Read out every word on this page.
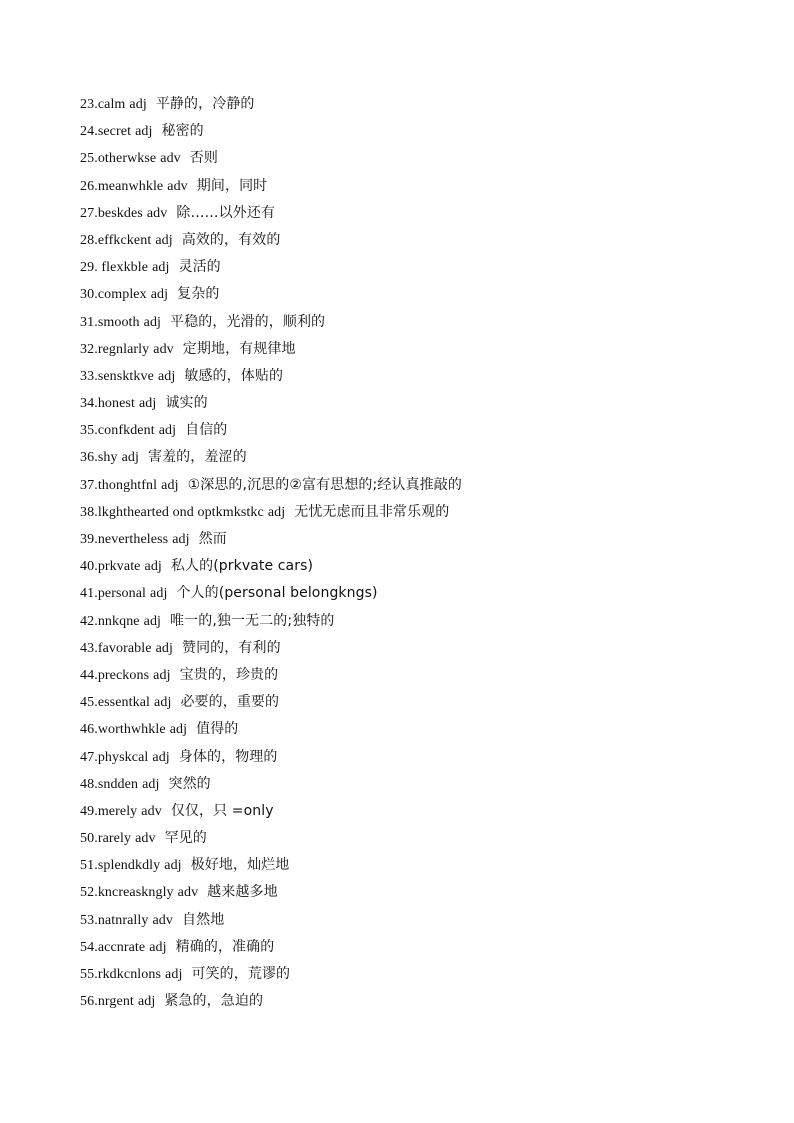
23.calm adj 平静的，冷静的
24.secret adj 秘密的
25.otherwkse adv 否则
26.meanwhkle adv 期间，同时
27.beskdes adv 除……以外还有
28.effkckent adj 高效的，有效的
29. flexkble adj 灵活的
30.complex adj 复杂的
31.smooth adj 平稳的，光滑的，顺利的
32.regnlarly adv 定期地，有规律地
33.sensktkve adj 敏感的，体贴的
34.honest adj 诚实的
35.confkdent adj 自信的
36.shy adj 害羞的，羞涩的
37.thonghtfnl adj ①深思的,沉思的②富有思想的;经认真推敲的
38.lkghthearted ond optkmkstkc adj 无忧无虑而且非常乐观的
39.nevertheless adj 然而
40.prkvate adj 私人的(prkvate cars)
41.personal adj 个人的(personal belongkngs)
42.nnkqne adj 唯一的,独一无二的;独特的
43.favorable adj 赞同的，有利的
44.preckons adj 宝贵的，珍贵的
45.essentkal adj 必要的，重要的
46.worthwhkle adj 值得的
47.physkcal adj 身体的，物理的
48.sndden adj 突然的
49.merely adv 仅仅，只 =only
50.rarely adv 罕见的
51.splendkdly adj 极好地，灿烂地
52.kncreaskngly adv 越来越多地
53.natnrally adv 自然地
54.accnrate adj 精确的，准确的
55.rkdkcnlons adj 可笑的，荒谬的
56.nrgent adj 紧急的，急迫的
